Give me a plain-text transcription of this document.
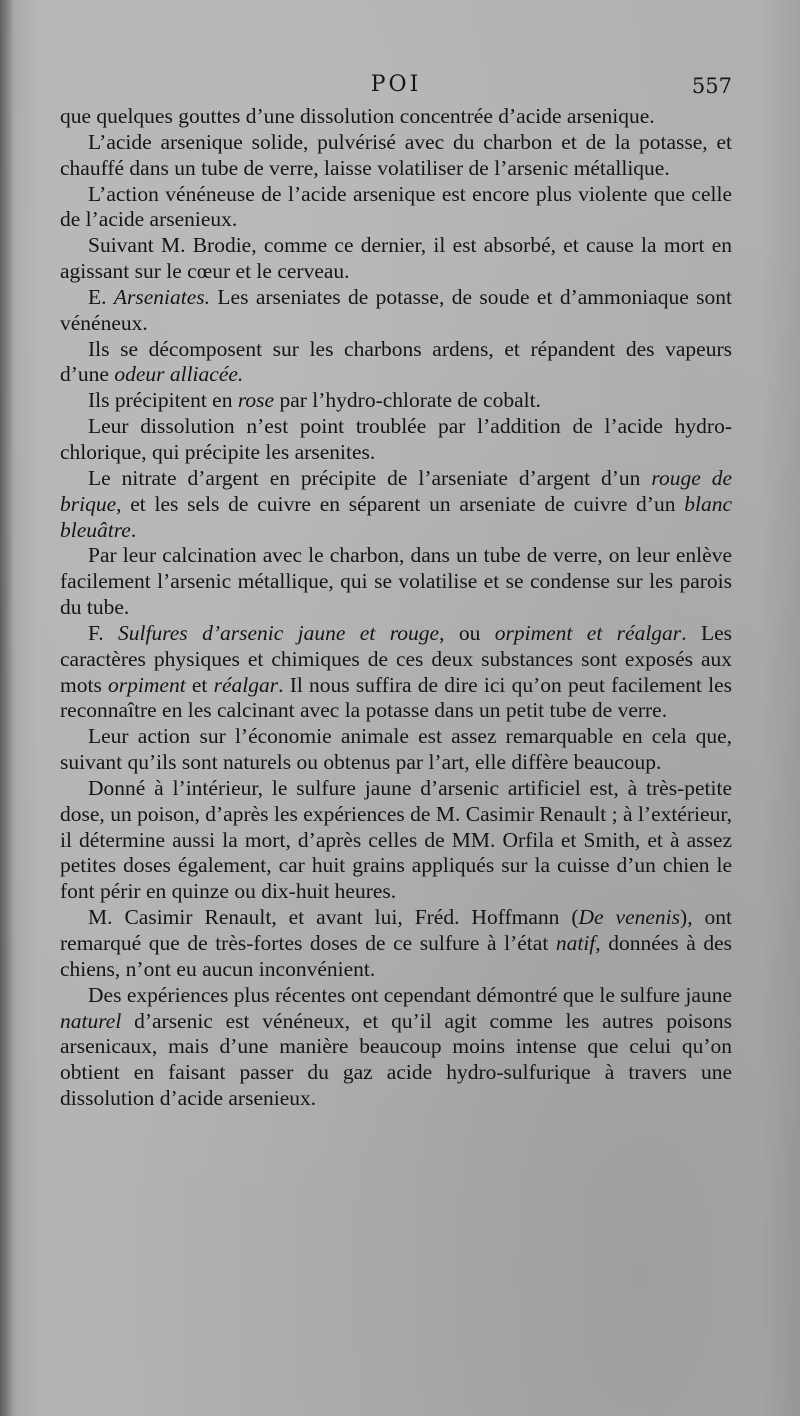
POI	557

que quelques gouttes d’une dissolution concentrée d’acide arsenique.

L’acide arsenique solide, pulvérisé avec du charbon et de la potasse, et chauffé dans un tube de verre, laisse volatiliser de l’arsenic métallique.

L’action vénéneuse de l’acide arsenique est encore plus violente que celle de l’acide arsenieux.

Suivant M. Brodie, comme ce dernier, il est absorbé, et cause la mort en agissant sur le cœur et le cerveau.

E. Arseniates. Les arseniates de potasse, de soude et d’ammoniaque sont vénéneux.

Ils se décomposent sur les charbons ardens, et répandent des vapeurs d’une odeur alliacée.

Ils précipitent en rose par l’hydro-chlorate de cobalt.

Leur dissolution n’est point troublée par l’addition de l’acide hydro-chlorique, qui précipite les arsenites.

Le nitrate d’argent en précipite de l’arseniate d’argent d’un rouge de brique, et les sels de cuivre en séparent un arseniate de cuivre d’un blanc bleuâtre.

Par leur calcination avec le charbon, dans un tube de verre, on leur enlève facilement l’arsenic métallique, qui se volatilise et se condense sur les parois du tube.

F. Sulfures d’arsenic jaune et rouge, ou orpiment et réalgar. Les caractères physiques et chimiques de ces deux substances sont exposés aux mots orpiment et réalgar. Il nous suffira de dire ici qu’on peut facilement les reconnaître en les calcinant avec la potasse dans un petit tube de verre.

Leur action sur l’économie animale est assez remarquable en cela que, suivant qu’ils sont naturels ou obtenus par l’art, elle diffère beaucoup.

Donné à l’intérieur, le sulfure jaune d’arsenic artificiel est, à très-petite dose, un poison, d’après les expériences de M. Casimir Renault ; à l’extérieur, il détermine aussi la mort, d’après celles de MM. Orfila et Smith, et à assez petites doses également, car huit grains appliqués sur la cuisse d’un chien le font périr en quinze ou dix-huit heures.

M. Casimir Renault, et avant lui, Fréd. Hoffmann (De venenis), ont remarqué que de très-fortes doses de ce sulfure à l’état natif, données à des chiens, n’ont eu aucun inconvénient.

Des expériences plus récentes ont cependant démontré que le sulfure jaune naturel d’arsenic est vénéneux, et qu’il agit comme les autres poisons arsenicaux, mais d’une manière beaucoup moins intense que celui qu’on obtient en faisant passer du gaz acide hydro-sulfurique à travers une dissolution d’acide arsenieux.
